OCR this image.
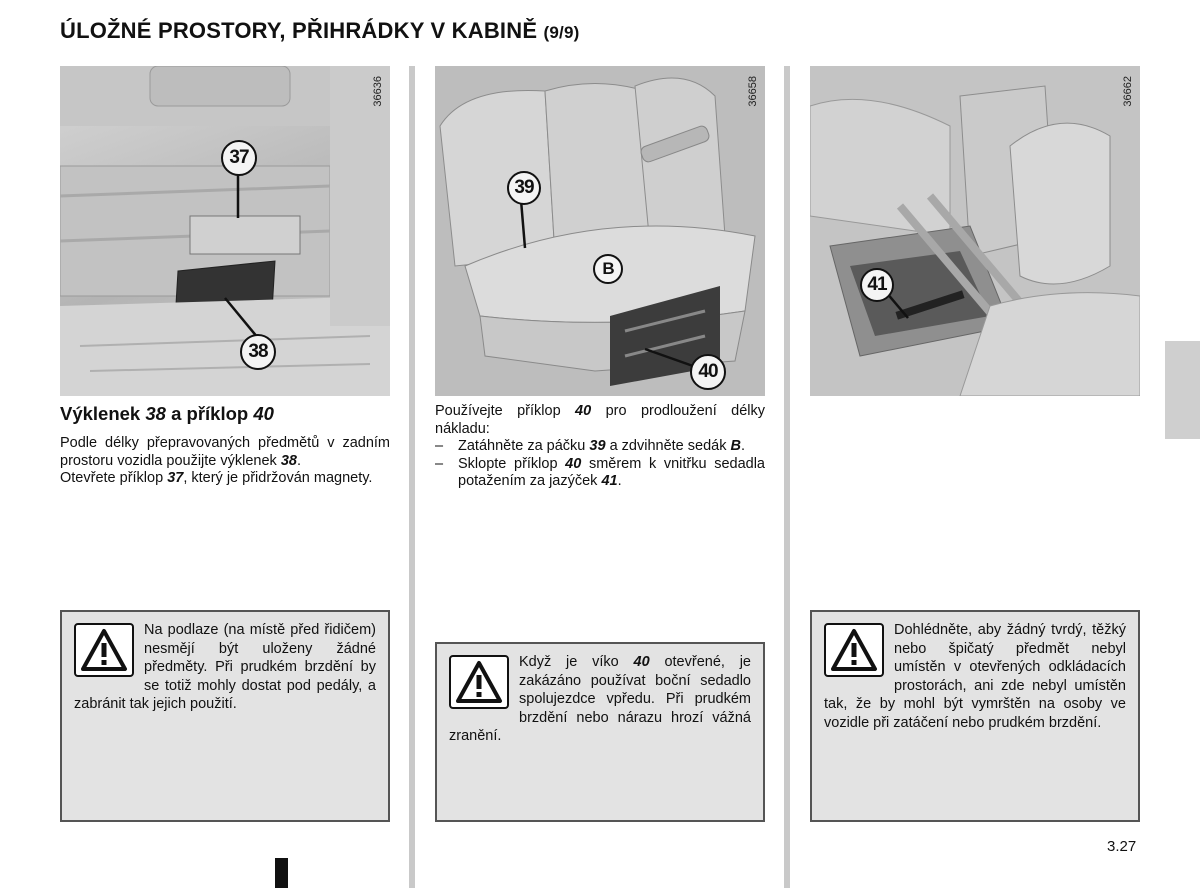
ÚLOŽNÉ PROSTORY, PŘIHRÁDKY V KABINĚ (9/9)
37
38
36636
39
B
40
36658
41
36662
Výklenek 38 a příklop 40

Podle délky přepravovaných předmětů v zadním prostoru vozidla použijte výklenek 38.

Otevřete příklop 37, který je přidržován magnety.

Používejte příklop 40 pro prodloužení délky nákladu:

– Zatáhněte za páčku 39 a zdvihněte sedák B.
– Sklopte příklop 40 směrem k vnitřku sedadla potažením za jazýček 41.
Na podlaze (na místě před řidičem) nesmějí být uloženy žádné předměty. Při prudkém brzdění by se totiž mohly dostat pod pedály, a zabránit tak jejich použití.
Když je víko 40 otevřené, je zakázáno používat boční sedadlo spolujezdce vpředu. Při prudkém brzdění nebo nárazu hrozí vážná zranění.
Dohlédněte, aby žádný tvrdý, těžký nebo špičatý předmět nebyl umístěn v otevřených odkládacích prostorách, ani zde nebyl umístěn tak, že by mohl být vymrštěn na osoby ve vozidle při zatáčení nebo prudkém brzdění.
3.27
